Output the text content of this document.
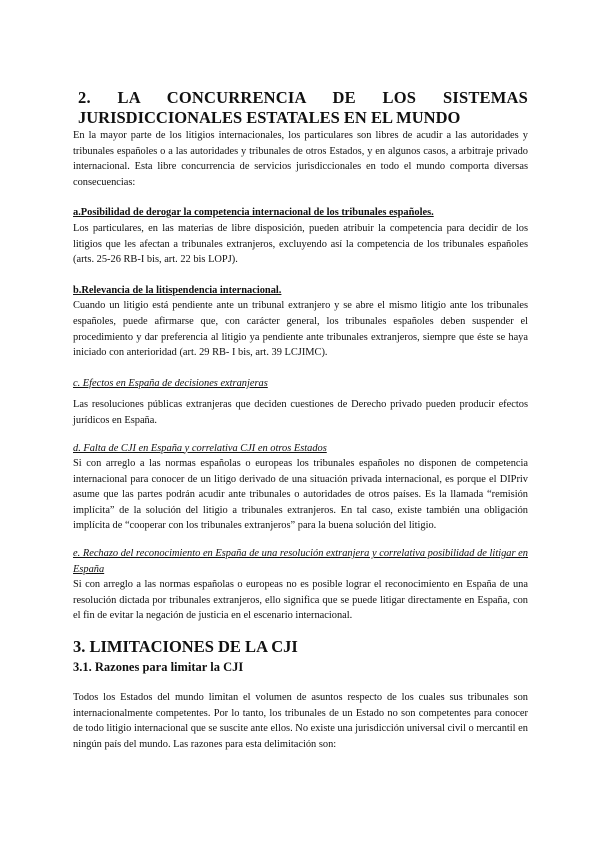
2. LA CONCURRENCIA DE LOS SISTEMAS
JURISDICCIONALES ESTATALES EN EL MUNDO

En la mayor parte de los litigios internacionales, los particulares son libres de acudir a las autoridades y tribunales españoles o a las autoridades y tribunales de otros Estados, y en algunos casos, a arbitraje privado internacional. Esta libre concurrencia de servicios jurisdiccionales en todo el mundo comporta diversas consecuencias:

a.Posibilidad de derogar la competencia internacional de los tribunales españoles.

Los particulares, en las materias de libre disposición, pueden atribuir la competencia para decidir de los litigios que les afectan a tribunales extranjeros, excluyendo así la competencia de los tribunales españoles (arts. 25-26 RB-I bis, art. 22 bis LOPJ).

b.Relevancia de la litispendencia internacional.

Cuando un litigio está pendiente ante un tribunal extranjero y se abre el mismo litigio ante los tribunales españoles, puede afirmarse que, con carácter general, los tribunales españoles deben suspender el procedimiento y dar preferencia al litigio ya pendiente ante tribunales extranjeros, siempre que éste se haya iniciado con anterioridad (art. 29 RB- I bis, art. 39 LCJIMC).

c. Efectos en España de decisiones extranjeras

Las resoluciones públicas extranjeras que deciden cuestiones de Derecho privado pueden producir efectos jurídicos en España.

d. Falta de CJI en España y correlativa CJI en otros Estados

Si con arreglo a las normas españolas o europeas los tribunales españoles no disponen de competencia internacional para conocer de un litigo derivado de una situación privada internacional, es porque el DIPriv asume que las partes podrán acudir ante tribunales o autoridades de otros países. Es la llamada “remisión implícita” de la solución del litigio a tribunales extranjeros. En tal caso, existe también una obligación implícita de “cooperar con los tribunales extranjeros” para la buena solución del litigio.

e. Rechazo del reconocimiento en España de una resolución extranjera y correlativa posibilidad de litigar en España

Si con arreglo a las normas españolas o europeas no es posible lograr el reconocimiento en España de una resolución dictada por tribunales extranjeros, ello significa que se puede litigar directamente en España, con el fin de evitar la negación de justicia en el escenario internacional.

3. LIMITACIONES DE LA CJI
3.1. Razones para limitar la CJI

Todos los Estados del mundo limitan el volumen de asuntos respecto de los cuales sus tribunales son internacionalmente competentes. Por lo tanto, los tribunales de un Estado no son competentes para conocer de todo litigio internacional que se suscite ante ellos. No existe una jurisdicción universal civil o mercantil en ningún país del mundo. Las razones para esta delimitación son:
